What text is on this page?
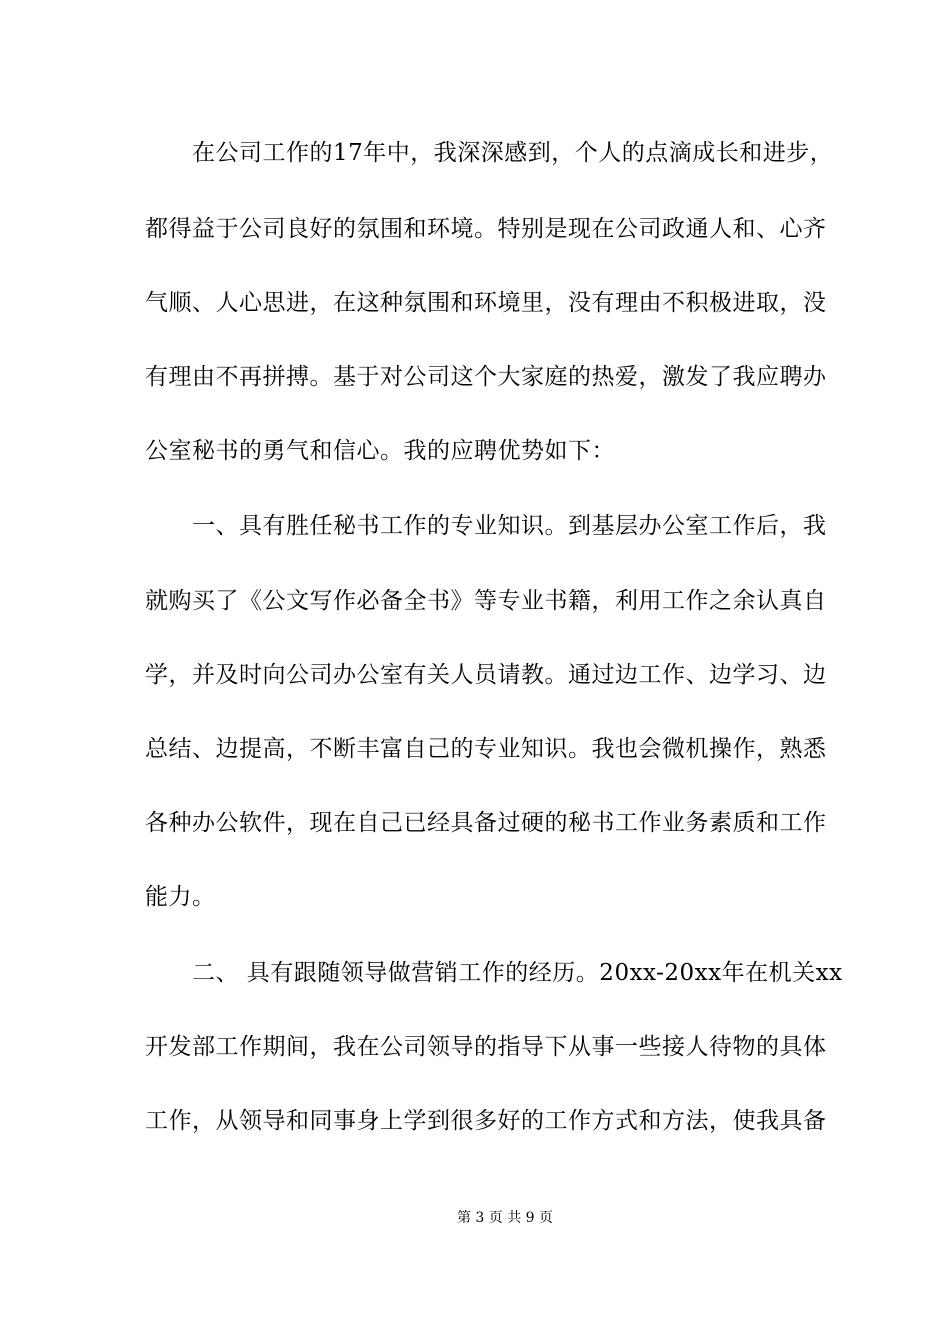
　　在公司工作的17年中，我深深感到，个人的点滴成长和进步，
都得益于公司良好的氛围和环境。特别是现在公司政通人和、心齐
气顺、人心思进，在这种氛围和环境里，没有理由不积极进取，没
有理由不再拼搏。基于对公司这个大家庭的热爱，激发了我应聘办
公室秘书的勇气和信心。我的应聘优势如下：
　　一、具有胜任秘书工作的专业知识。到基层办公室工作后，我
就购买了《公文写作必备全书》等专业书籍，利用工作之余认真自
学，并及时向公司办公室有关人员请教。通过边工作、边学习、边
总结、边提高，不断丰富自己的专业知识。我也会微机操作，熟悉
各种办公软件，现在自己已经具备过硬的秘书工作业务素质和工作
能力。
　　二、 具有跟随领导做营销工作的经历。20xx-20xx年在机关xx
开发部工作期间，我在公司领导的指导下从事一些接人待物的具体
工作，从领导和同事身上学到很多好的工作方式和方法，使我具备
第 3 页 共 9 页
